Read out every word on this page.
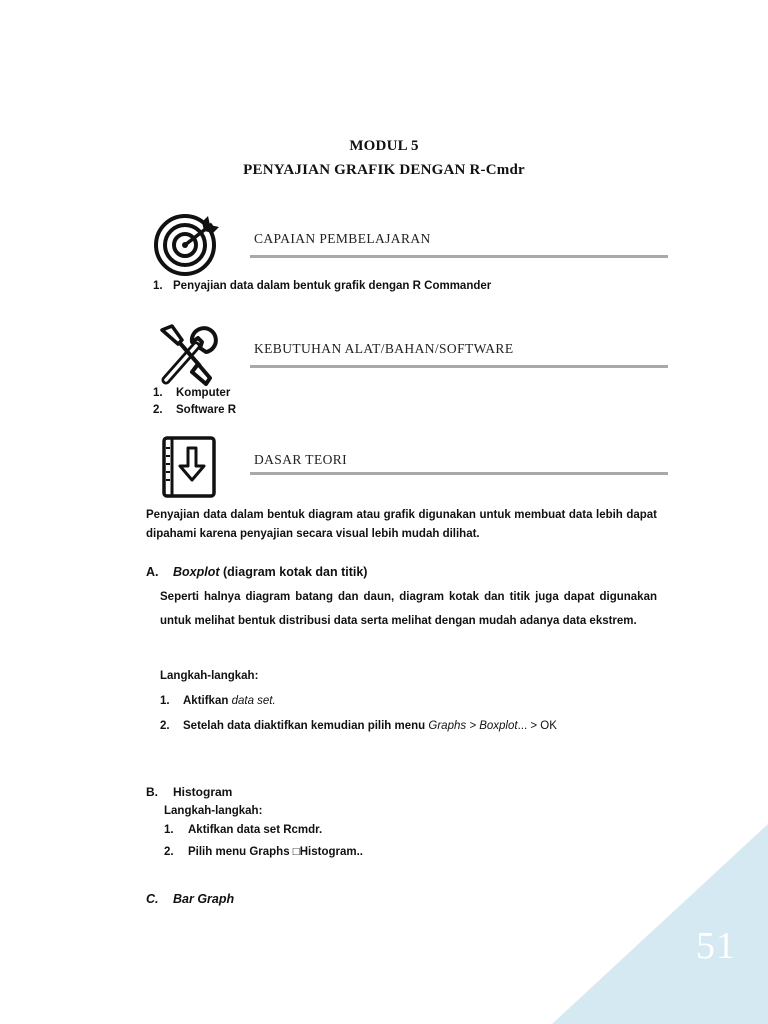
MODUL 5
PENYAJIAN GRAFIK DENGAN R-Cmdr
CAPAIAN PEMBELAJARAN
1. Penyajian data dalam bentuk grafik dengan R Commander
KEBUTUHAN ALAT/BAHAN/SOFTWARE
1. Komputer
2. Software R
DASAR TEORI
Penyajian data dalam bentuk diagram atau grafik digunakan untuk membuat data lebih dapat dipahami karena penyajian secara visual lebih mudah dilihat.
A. Boxplot (diagram kotak dan titik)
Seperti halnya diagram batang dan daun, diagram kotak dan titik juga dapat digunakan untuk melihat bentuk distribusi data serta melihat dengan mudah adanya data ekstrem.
Langkah-langkah:
1. Aktifkan data set.
2. Setelah data diaktifkan kemudian pilih menu Graphs > Boxplot... > OK
B. Histogram
Langkah-langkah:
1. Aktifkan data set Rcmdr.
2. Pilih menu Graphs □Histogram..
C. Bar Graph
51
